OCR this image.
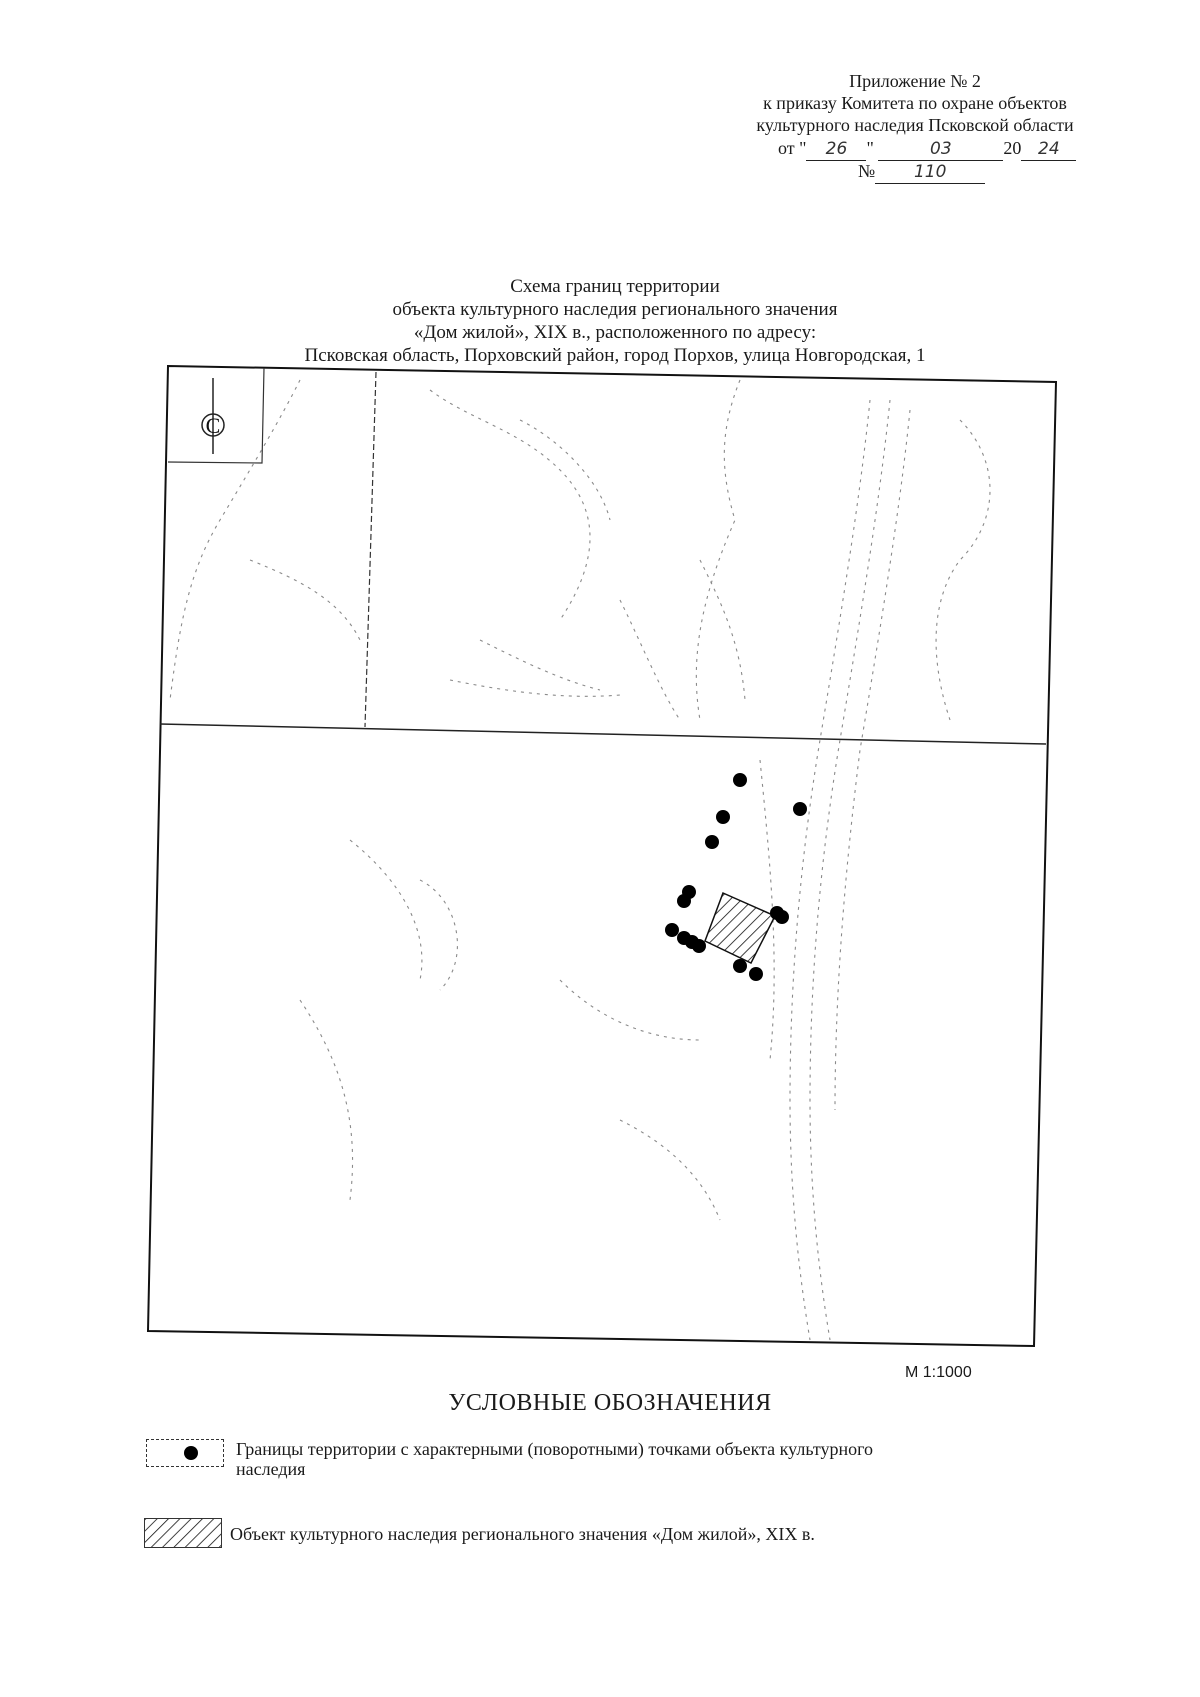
Приложение № 2
к приказу Комитета по охране объектов
культурного наследия Псковской области
от " 26 "	03	20 24
№ 110
Схема границ территории
объекта культурного наследия регионального значения
«Дом жилой», XIX в., расположенного по адресу:
Псковская область, Порховский район, город Порхов, улица Новгородская, 1
С
М 1:1000
УСЛОВНЫЕ ОБОЗНАЧЕНИЯ
Границы территории с характерными (поворотными) точками объекта культурного
наследия
Объект культурного наследия регионального значения «Дом жилой», XIX в.
